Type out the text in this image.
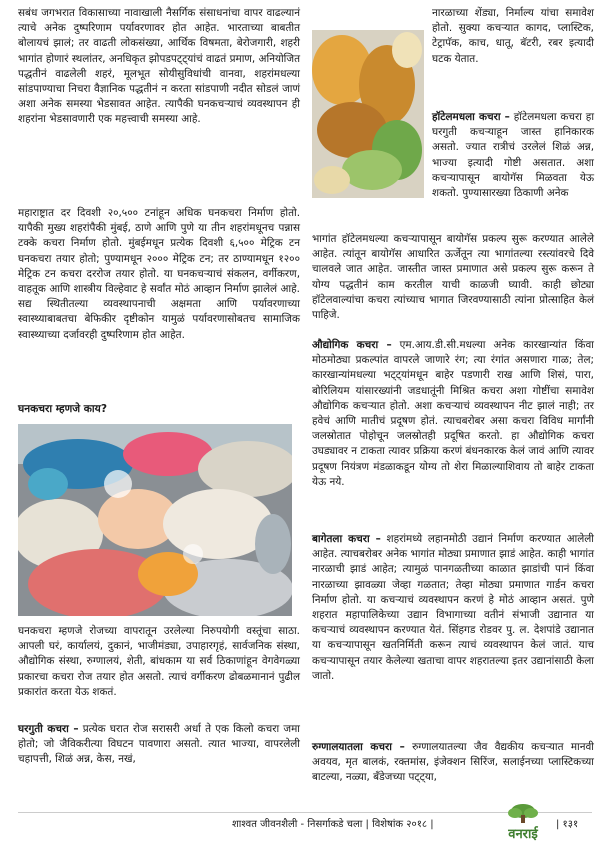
सबंध जगभरात विकासाच्या नावाखाली नैसर्गिक संसाधनांचा वापर वाढल्यानं त्याचे अनेक दुष्परिणाम पर्यावरणावर होत आहेत. भारताच्या बाबतीत बोलायचं झालं; तर वाढती लोकसंख्या, आर्थिक विषमता, बेरोजगारी, शहरी भागांत होणारं स्थलांतर, अनधिकृत झोपडपट्ट्यांचं वाढतं प्रमाण, अनियोजित पद्धतीनं वाढलेली शहरं, मूलभूत सोयीसुविधांची वानवा, शहरांमधल्या सांडपाण्याचा निचरा वैज्ञानिक पद्धतीनं न करता सांडपाणी नदीत सोडलं जाणं अशा अनेक समस्या भेडसावत आहेत. त्यापैकी घनकचऱ्याचं व्यवस्थापन ही शहरांना भेडसावणारी एक महत्त्वाची समस्या आहे.

महाराष्ट्रात दर दिवशी २०,५०० टनांहून अधिक घनकचरा निर्माण होतो. यापैकी मुख्य शहरांपैकी मुंबई, ठाणे आणि पुणे या तीन शहरांमधूनच पन्नास टक्के कचरा निर्माण होतो. मुंबईमधून प्रत्येक दिवशी ६,५०० मेट्रिक टन घनकचरा तयार होतो; पुण्यामधून २००० मेट्रिक टन; तर ठाण्यामधून १२०० मेट्रिक टन कचरा दररोज तयार होतो. या घनकचऱ्याचं संकलन, वर्गीकरण, वाहतूक आणि शास्त्रीय विल्हेवाट हे सर्वांत मोठं आव्हान निर्माण झालेलं आहे. सद्य स्थितीतल्या व्यवस्थापनाची अक्षमता आणि पर्यावरणाच्या स्वास्थ्याबाबतचा बेफिकीर दृष्टीकोन यामुळं पर्यावरणासोबतच सामाजिक स्वास्थ्याच्या दर्जावरही दुष्परिणाम होत आहेत.

घनकचरा म्हणजे काय?

घनकचरा म्हणजे रोजच्या वापरातून उरलेल्या निरुपयोगी वस्तूंचा साठा. आपली घरं, कार्यालयं, दुकानं, भाजीमंड्या, उपाहारगृहं, सार्वजनिक संस्था, औद्योगिक संस्था, रुग्णालयं, शेती, बांधकाम या सर्व ठिकाणांहून वेगवेगळ्या प्रकारचा कचरा रोज तयार होत असतो. त्याचं वर्गीकरण ढोबळमानानं पुढील प्रकारांत करता येऊ शकतं.

घरगुती कचरा – प्रत्येक घरात रोज सरासरी अर्धा ते एक किलो कचरा जमा होतो; जो जैविकरीत्या विघटन पावणारा असतो. त्यात भाज्या, वापरलेली चहापत्ती, शिळं अन्न, केस, नखं,

नारळाच्या शेंड्या, निर्माल्य यांचा समावेश होतो. सुक्या कचऱ्यात कागद, प्लास्टिक, टेट्रापॅक, काच, धातू, बॅटरी, रबर इत्यादी घटक येतात.

हॉटेलमधला कचरा – हॉटेलमधला कचरा हा घरगुती कचऱ्याहून जास्त हानिकारक असतो. ज्यात रात्रीचं उरलेलं शिळं अन्न, भाज्या इत्यादी गोष्टी असतात. अशा कचऱ्यापासून बायोगॅस मिळवता येऊ शकतो. पुण्यासारख्या ठिकाणी अनेक

भागांत हॉटेलमधल्या कचऱ्यापासून बायोगॅस प्रकल्प सुरू करण्यात आलेले आहेत. त्यांतून बायोगॅस आधारित ऊर्जेतून त्या भागांतल्या रस्त्यांवरचे दिवे चालवले जात आहेत. जास्तीत जास्त प्रमाणात असे प्रकल्प सुरू करून ते योग्य पद्धतीनं काम करतील याची काळजी घ्यावी. काही छोट्या हॉटेलवाल्यांचा कचरा त्यांच्याच भागात जिरवण्यासाठी त्यांना प्रोत्साहित केलं पाहिजे.

औद्योगिक कचरा – एम.आय.डी.सी.मधल्या अनेक कारखान्यांत किंवा मोठमोठ्या प्रकल्पांत वापरले जाणारे रंग; त्या रंगांत असणारा गाळ; तेल; कारखान्यांमधल्या भट्ट्यांमधून बाहेर पडणारी राख आणि शिसं, पारा, बोरिलियम यांसारख्यांनी जडधातूंनी मिश्रित कचरा अशा गोष्टींचा समावेश औद्योगिक कचऱ्यात होतो. अशा कचऱ्याचं व्यवस्थापन नीट झालं नाही; तर हवेचं आणि मातीचं प्रदूषण होतं. त्याचबरोबर असा कचरा विविध मार्गांनी जलस्रोतात पोहोचून जलस्रोतही प्रदूषित करतो. हा औद्योगिक कचरा उघड्यावर न टाकता त्यावर प्रक्रिया करणं बंधनकारक केलं जावं आणि त्यावर प्रदूषण नियंत्रण मंडळाकडून योग्य तो शेरा मिळाल्याशिवाय तो बाहेर टाकता येऊ नये.

बागेतला कचरा – शहरांमध्ये लहानमोठी उद्यानं निर्माण करण्यात आलेली आहेत. त्याचबरोबर अनेक भागांत मोठ्या प्रमाणात झाडं आहेत. काही भागांत नारळाची झाडं आहेत; त्यामुळं पानगळतीच्या काळात झाडांची पानं किंवा नारळाच्या झावळ्या जेव्हा गळतात; तेव्हा मोठ्या प्रमाणात गार्डन कचरा निर्माण होतो. या कचऱ्याचं व्यवस्थापन करणं हे मोठं आव्हान असतं. पुणे शहरात महापालिकेच्या उद्यान विभागाच्या वतीनं संभाजी उद्यानात या कचऱ्याचं व्यवस्थापन करण्यात येतं. सिंहगड रोडवर पु. ल. देशपांडे उद्यानात या कचऱ्यापासून खतनिर्मिती करून त्याचं व्यवस्थापन केलं जातं. याच कचऱ्यापासून तयार केलेल्या खताचा वापर शहरातल्या इतर उद्यानांसाठी केला जातो.

रुग्णालयातला कचरा – रुग्णालयातल्या जैव वैद्यकीय कचऱ्यात मानवी अवयव, मृत बालकं, रक्तमांस, इंजेक्शन सिरिंज, सलाईनच्या प्लास्टिकच्या बाटल्या, नळ्या, बँडेजच्या पट्ट्या,

शाश्वत जीवनशैली - निसर्गाकडे चला | विशेषांक २०१८ |
वनराई
| १३१
